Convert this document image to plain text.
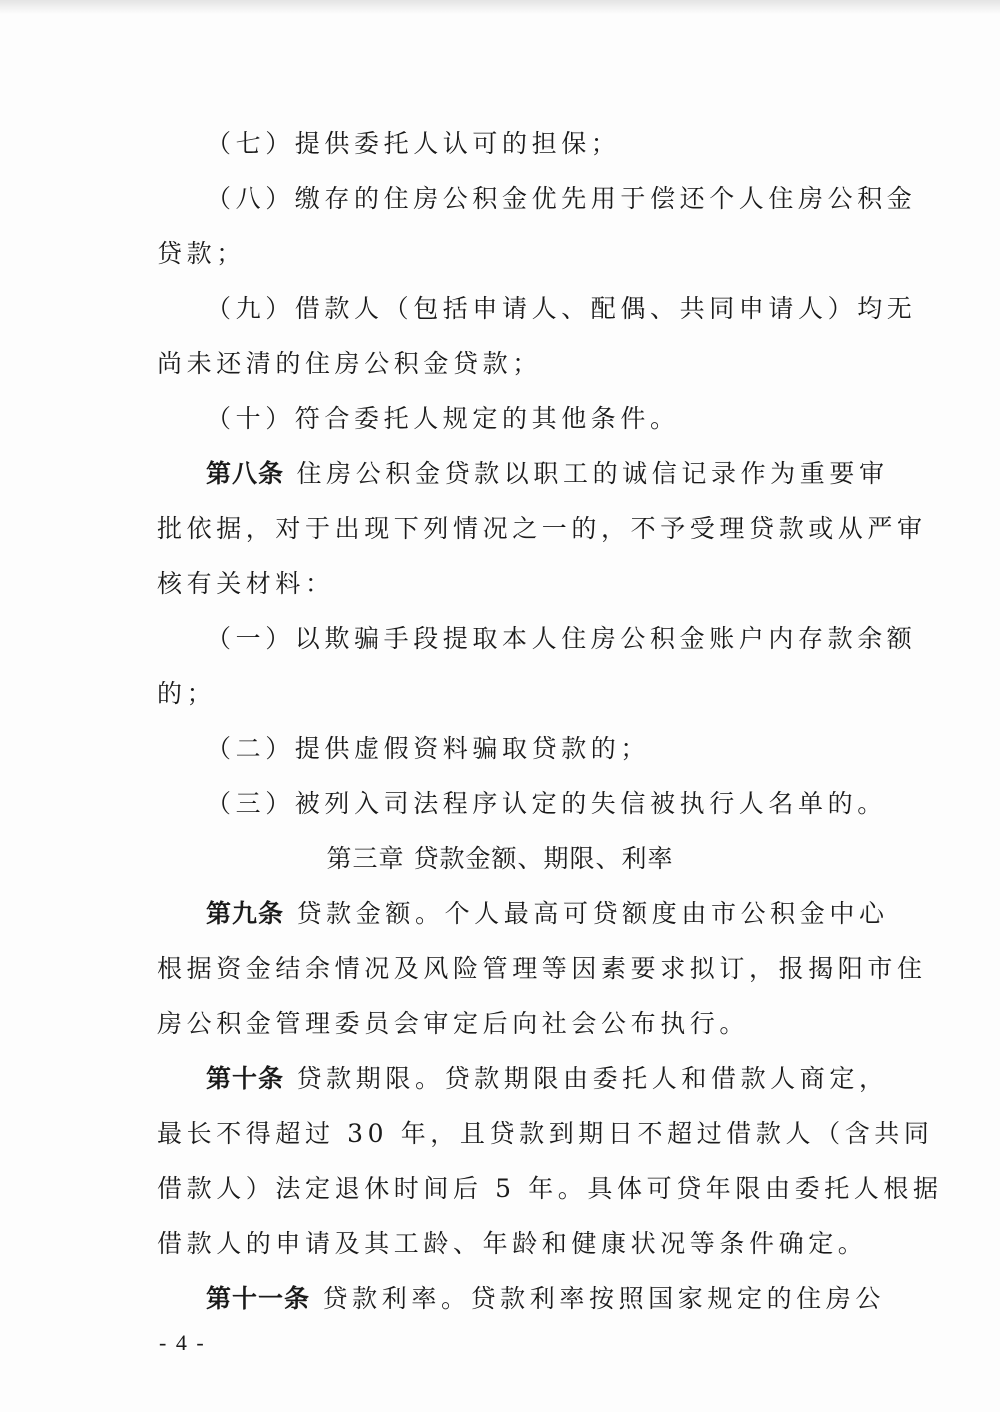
（七）提供委托人认可的担保；
（八）缴存的住房公积金优先用于偿还个人住房公积金
贷款；
（九）借款人（包括申请人、配偶、共同申请人）均无
尚未还清的住房公积金贷款；
（十）符合委托人规定的其他条件。
第八条 住房公积金贷款以职工的诚信记录作为重要审
批依据，对于出现下列情况之一的，不予受理贷款或从严审
核有关材料：
（一）以欺骗手段提取本人住房公积金账户内存款余额
的；
（二）提供虚假资料骗取贷款的；
（三）被列入司法程序认定的失信被执行人名单的。
第三章 贷款金额、期限、利率
第九条 贷款金额。个人最高可贷额度由市公积金中心
根据资金结余情况及风险管理等因素要求拟订，报揭阳市住
房公积金管理委员会审定后向社会公布执行。
第十条 贷款期限。贷款期限由委托人和借款人商定，
最长不得超过 30 年，且贷款到期日不超过借款人（含共同
借款人）法定退休时间后 5 年。具体可贷年限由委托人根据
借款人的申请及其工龄、年龄和健康状况等条件确定。
第十一条 贷款利率。贷款利率按照国家规定的住房公
- 4 -
